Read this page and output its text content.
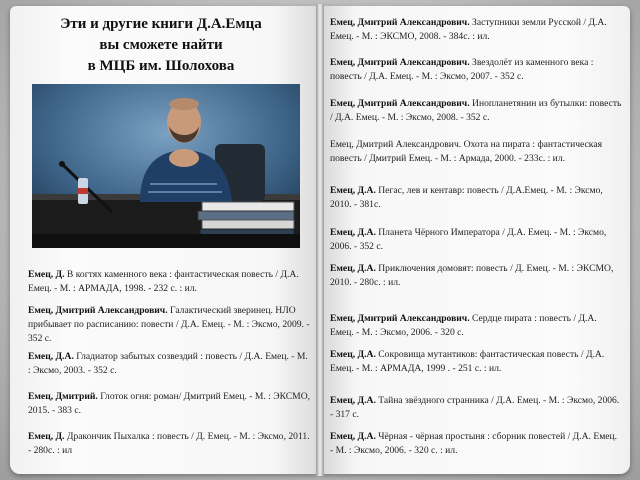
Эти и другие книги Д.А.Емца
вы сможете найти
в МЦБ им. Шолохова
Емец, Д. В когтях каменного века : фантастическая повесть / Д.А. Емец. - М. : АРМАДА, 1998. - 232 с. : ил.
Емец, Дмитрий Александрович. Галактический зверинец. НЛО прибывает по расписанию: повести / Д.А. Емец. - М. : Эксмо, 2009. - 352 с.
Емец, Д.А. Гладиатор забытых созвездий : повесть / Д.А. Емец. - М. : Эксмо, 2003. - 352 с.
Емец, Дмитрий. Глоток огня: роман/ Дмитрий Емец. - М. : ЭКСМО, 2015. - 383 с.
Емец, Д. Дракончик Пыхалка : повесть / Д. Емец. - М. : Эксмо, 2011. - 280с. : ил
Емец, Дмитрий Александрович. Заступники земли Русской / Д.А. Емец. - М. : ЭКСМО, 2008. - 384с. : ил.
Емец, Дмитрий Александрович. Звездолёт из каменного века : повесть / Д.А. Емец. - М. : Эксмо, 2007. - 352 с.
Емец, Дмитрий Александрович. Инопланетянин из бутылки: повесть / Д.А. Емец. - М. : Эксмо, 2008. - 352 с.
Емец, Дмитрий Александрович. Охота на пирата : фантастическая повесть / Дмитрий Емец. - М. : Армада, 2000. - 233с. : ил.
Емец, Д.А. Пегас, лев и кентавр: повесть / Д.А.Емец. - М. : Эксмо, 2010. - 381с.
Емец, Д.А. Планета Чёрного Императора / Д.А. Емец. - М. : Эксмо, 2006. - 352 с.
Емец, Д.А. Приключения домовят: повесть / Д. Емец. - М. : ЭКСМО, 2010. - 280с. : ил.
Емец, Дмитрий Александрович. Сердце пирата : повесть / Д.А. Емец. - М. : Эксмо, 2006. - 320 с.
Емец, Д.А. Сокровища мутантиков: фантастическая повесть / Д.А. Емец. - М. : АРМАДА, 1999 . - 251 с. : ил.
Емец, Д.А. Тайна звёздного странника / Д.А. Емец. - М. : Эксмо, 2006. - 317 с.
Емец, Д.А. Чёрная - чёрная простыня : сборник повестей / Д.А. Емец. - М. : Эксмо, 2006. - 320 с. : ил.
